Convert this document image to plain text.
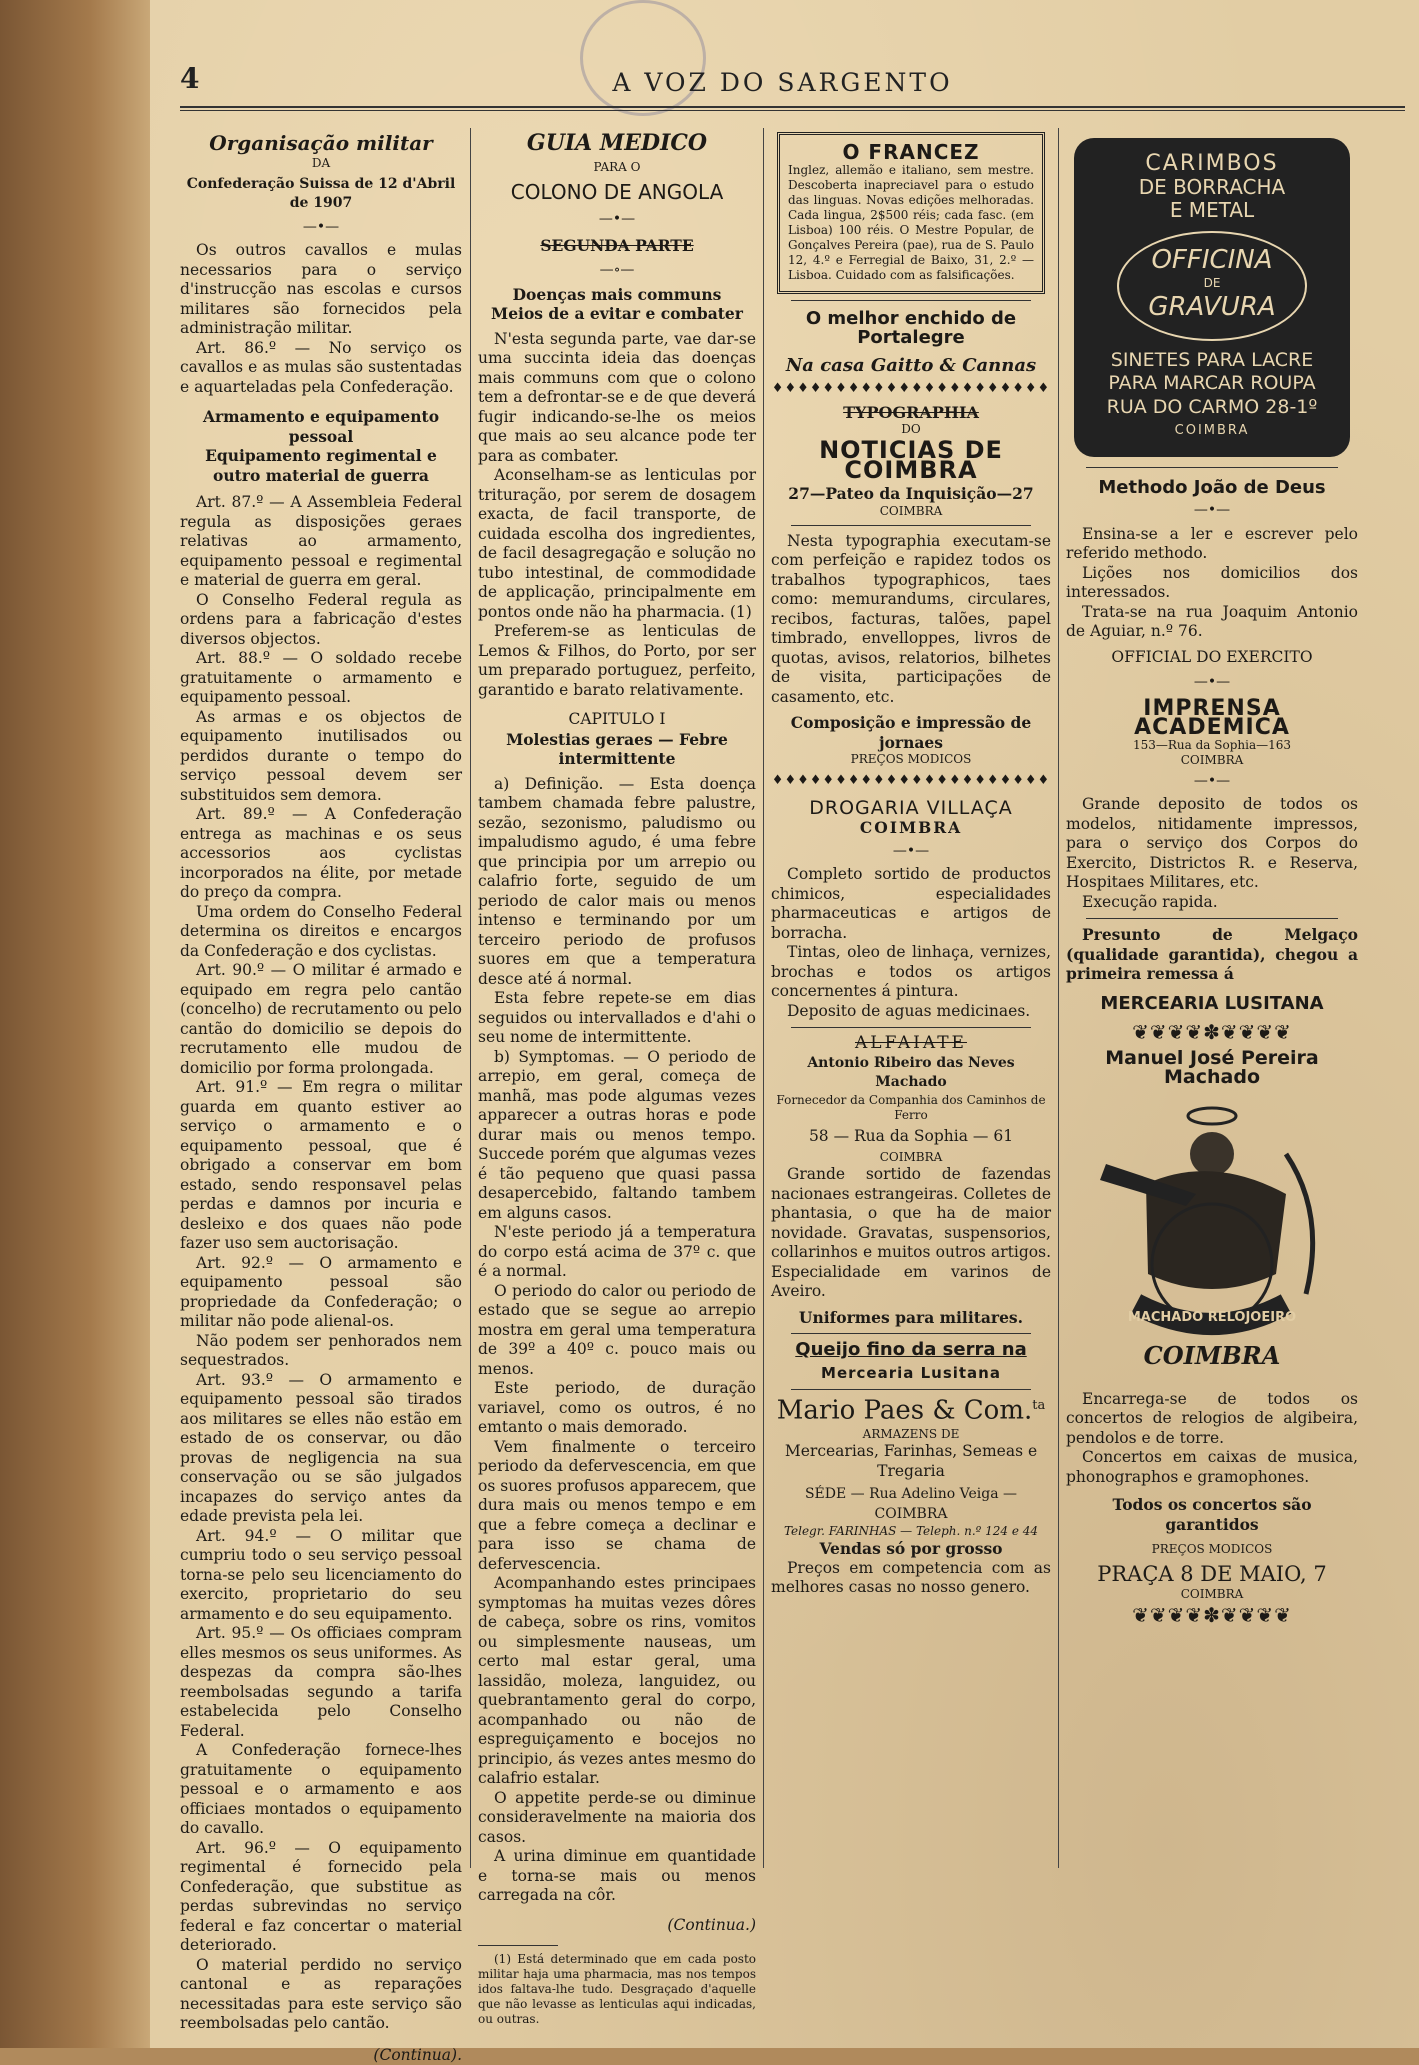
4	A VOZ DO SARGENTO
Organisação militar
DA
Confederação Suissa de 12 d'Abril de 1907
—•—

Os outros cavallos e mulas necessarios para o serviço d'instrucção nas escolas e cursos militares são fornecidos pela administração militar.

Art. 86.º — No serviço os cavallos e as mulas são sustentadas e aquarteladas pela Confederação.

Armamento e equipamento pessoal
Equipamento regimental e outro material de guerra

Art. 87.º — A Assembleia Federal regula as disposições geraes relativas ao armamento, equipamento pessoal e regimental e material de guerra em geral.

O Conselho Federal regula as ordens para a fabricação d'estes diversos objectos.

Art. 88.º — O soldado recebe gratuitamente o armamento e equipamento pessoal.

As armas e os objectos de equipamento inutilisados ou perdidos durante o tempo do serviço pessoal devem ser substituidos sem demora.

Art. 89.º — A Confederação entrega as machinas e os seus accessorios aos cyclistas incorporados na élite, por metade do preço da compra.

Uma ordem do Conselho Federal determina os direitos e encargos da Confederação e dos cyclistas.

Art. 90.º — O militar é armado e equipado em regra pelo cantão (concelho) de recrutamento ou pelo cantão do domicilio se depois do recrutamento elle mudou de domicilio por forma prolongada.

Art. 91.º — Em regra o militar guarda em quanto estiver ao serviço o armamento e o equipamento pessoal, que é obrigado a conservar em bom estado, sendo responsavel pelas perdas e damnos por incuria e desleixo e dos quaes não pode fazer uso sem auctorisação.

Art. 92.º — O armamento e equipamento pessoal são propriedade da Confederação; o militar não pode alienal-os.

Não podem ser penhorados nem sequestrados.

Art. 93.º — O armamento e equipamento pessoal são tirados aos militares se elles não estão em estado de os conservar, ou dão provas de negligencia na sua conservação ou se são julgados incapazes do serviço antes da edade prevista pela lei.

Art. 94.º — O militar que cumpriu todo o seu serviço pessoal torna-se pelo seu licenciamento do exercito, proprietario do seu armamento e do seu equipamento.

Art. 95.º — Os officiaes compram elles mesmos os seus uniformes. As despezas da compra são-lhes reembolsadas segundo a tarifa estabelecida pelo Conselho Federal.

A Confederação fornece-lhes gratuitamente o equipamento pessoal e o armamento e aos officiaes montados o equipamento do cavallo.

Art. 96.º — O equipamento regimental é fornecido pela Confederação, que substitue as perdas subrevindas no serviço federal e faz concertar o material deteriorado.

O material perdido no serviço cantonal e as reparações necessitadas para este serviço são reembolsadas pelo cantão.

(Continua).
GUIA MEDICO
PARA O
COLONO DE ANGOLA
—•—
SEGUNDA PARTE
—∘—
Doenças mais communs
Meios de a evitar e combater

N'esta segunda parte, vae dar-se uma succinta ideia das doenças mais communs com que o colono tem a defrontar-se e de que deverá fugir indicando-se-lhe os meios que mais ao seu alcance pode ter para as combater.

Aconselham-se as lenticulas por trituração, por serem de dosagem exacta, de facil transporte, de cuidada escolha dos ingredientes, de facil desagregação e solução no tubo intestinal, de commodidade de applicação, principalmente em pontos onde não ha pharmacia. (1)

Preferem-se as lenticulas de Lemos & Filhos, do Porto, por ser um preparado portuguez, perfeito, garantido e barato relativamente.

CAPITULO I
Molestias geraes — Febre intermittente

a) Definição. — Esta doença tambem chamada febre palustre, sezão, sezonismo, paludismo ou impaludismo agudo, é uma febre que principia por um arrepio ou calafrio forte, seguido de um periodo de calor mais ou menos intenso e terminando por um terceiro periodo de profusos suores em que a temperatura desce até á normal.

Esta febre repete-se em dias seguidos ou intervallados e d'ahi o seu nome de intermittente.

b) Symptomas. — O periodo de arrepio, em geral, começa de manhã, mas pode algumas vezes apparecer a outras horas e pode durar mais ou menos tempo. Succede porém que algumas vezes é tão pequeno que quasi passa desapercebido, faltando tambem em alguns casos.

N'este periodo já a temperatura do corpo está acima de 37º c. que é a normal.

O periodo do calor ou periodo de estado que se segue ao arrepio mostra em geral uma temperatura de 39º a 40º c. pouco mais ou menos.

Este periodo, de duração variavel, como os outros, é no emtanto o mais demorado.

Vem finalmente o terceiro periodo da defervescencia, em que os suores profusos apparecem, que dura mais ou menos tempo e em que a febre começa a declinar e para isso se chama de defervescencia.

Acompanhando estes principaes symptomas ha muitas vezes dôres de cabeça, sobre os rins, vomitos ou simplesmente nauseas, um certo mal estar geral, uma lassidão, moleza, languidez, ou quebrantamento geral do corpo, acompanhado ou não de espreguiçamento e bocejos no principio, ás vezes antes mesmo do calafrio estalar.

O appetite perde-se ou diminue consideravelmente na maioria dos casos.

A urina diminue em quantidade e torna-se mais ou menos carregada na côr.

(Continua.)

(1) Está determinado que em cada posto militar haja uma pharmacia, mas nos tempos idos faltava-lhe tudo. Desgraçado d'aquelle que não levasse as lenticulas aqui indicadas, ou outras.

O FRANCEZ

Inglez, allemão e italiano, sem mestre. Descoberta inapreciavel para o estudo das linguas. Novas edições melhoradas. Cada lingua, 2$500 réis; cada fasc. (em Lisboa) 100 réis. O Mestre Popular, de Gonçalves Pereira (pae), rua de S. Paulo 12, 4.º e Ferregial de Baixo, 31, 2.º — Lisboa. Cuidado com as falsificações.

O melhor enchido de Portalegre
Na casa Gaitto & Cannas
♦♦♦♦♦♦♦♦♦♦♦♦♦♦♦♦♦♦♦♦♦♦
TYPOGRAPHIA
DO
NOTICIAS DE COIMBRA
27—Pateo da Inquisição—27
COIMBRA

Nesta typographia executam-se com perfeição e rapidez todos os trabalhos typographicos, taes como: memurandums, circulares, recibos, facturas, talões, papel timbrado, envelloppes, livros de quotas, avisos, relatorios, bilhetes de visita, participações de casamento, etc.

Composição e impressão de jornaes
PREÇOS MODICOS
♦♦♦♦♦♦♦♦♦♦♦♦♦♦♦♦♦♦♦♦♦♦
DROGARIA VILLAÇA
COIMBRA
—•—

Completo sortido de productos chimicos, especialidades pharmaceuticas e artigos de borracha.

Tintas, oleo de linhaça, vernizes, brochas e todos os artigos concernentes á pintura.

Deposito de aguas medicinaes.

ALFAIATE
Antonio Ribeiro das Neves Machado
Fornecedor da Companhia dos Caminhos de Ferro
58 — Rua da Sophia — 61
COIMBRA

Grande sortido de fazendas nacionaes estrangeiras. Colletes de phantasia, o que ha de maior novidade. Gravatas, suspensorios, collarinhos e muitos outros artigos. Especialidade em varinos de Aveiro.

Uniformes para militares.
Queijo fino da serra na
Mercearia Lusitana
Mario Paes & Com.$^{ta}$
ARMAZENS DE
Mercearias, Farinhas, Semeas e Tregaria
SÉDE — Rua Adelino Veiga — COIMBRA
Telegr. FARINHAS — Teleph. n.º 124 e 44
Vendas só por grosso

Preços em competencia com as melhores casas no nosso genero.

CARIMBOS
DE BORRACHA
E METAL
OFFICINA
DE
GRAVURA
SINETES PARA LACRE
PARA MARCAR ROUPA
RUA DO CARMO 28-1º
COIMBRA
Methodo João de Deus
—•—

Ensina-se a ler e escrever pelo referido methodo.

Lições nos domicilios dos interessados.

Trata-se na rua Joaquim Antonio de Aguiar, n.º 76.

OFFICIAL DO EXERCITO
—•—
IMPRENSA ACADEMICA
153—Rua da Sophia—163
COIMBRA
—•—

Grande deposito de todos os modelos, nitidamente impressos, para o serviço dos Corpos do Exercito, Districtos R. e Reserva, Hospitaes Militares, etc.

Execução rapida.

Presunto de Melgaço (qualidade garantida), chegou a primeira remessa á

MERCEARIA LUSITANA
❦❦❦❦✽❦❦❦❦
Manuel José Pereira Machado
MACHADO RELOJOEIRO
COIMBRA

Encarrega-se de todos os concertos de relogios de algibeira, pendolos e de torre.

Concertos em caixas de musica, phonographos e gramophones.

Todos os concertos são garantidos
PREÇOS MODICOS
PRAÇA 8 DE MAIO, 7
COIMBRA
❦❦❦❦✽❦❦❦❦
